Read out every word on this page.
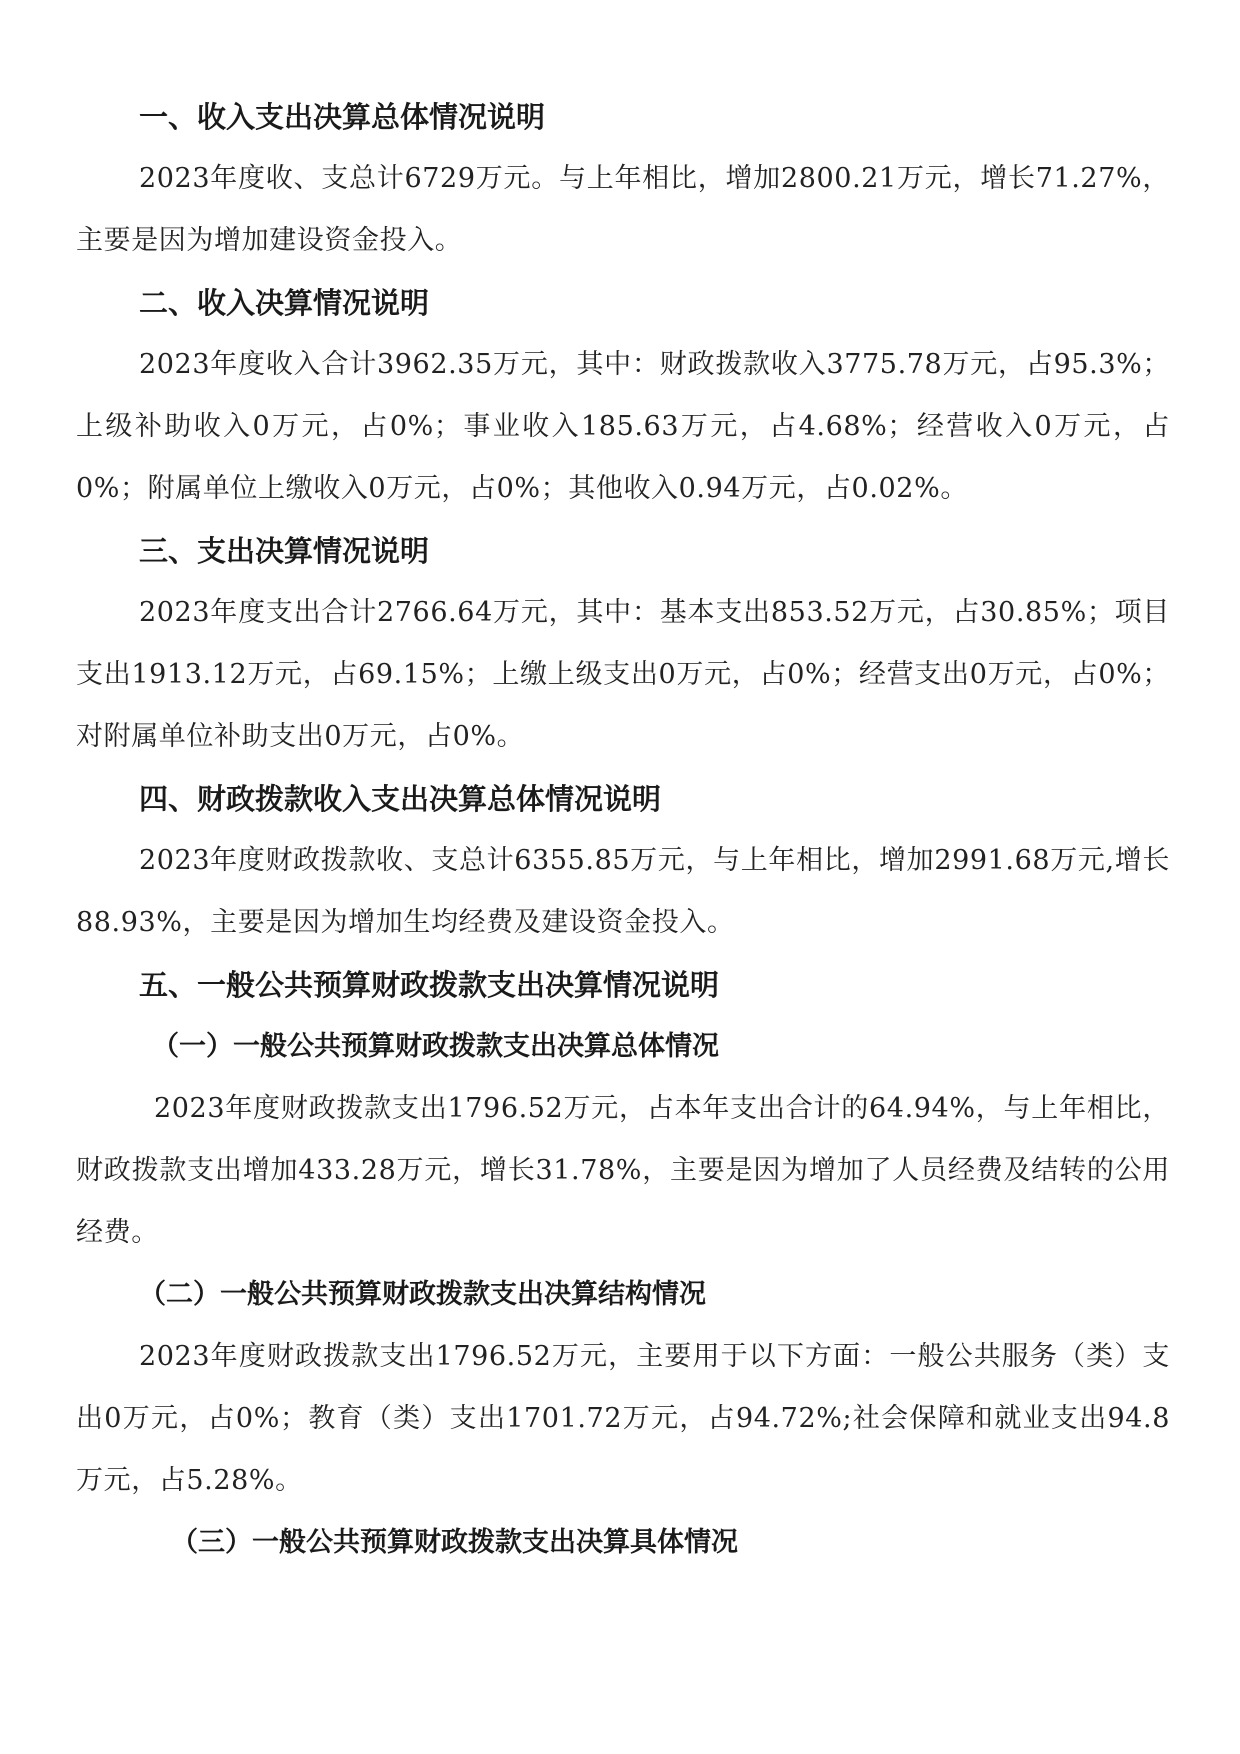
一、收入支出决算总体情况说明

2023年度收、支总计6729万元。与上年相比，增加2800.21万元，增长71.27%，主要是因为增加建设资金投入。

二、收入决算情况说明

2023年度收入合计3962.35万元，其中：财政拨款收入3775.78万元，占95.3%；上级补助收入0万元，占0%；事业收入185.63万元，占4.68%；经营收入0万元，占0%；附属单位上缴收入0万元，占0%；其他收入0.94万元，占0.02%。

三、支出决算情况说明

2023年度支出合计2766.64万元，其中：基本支出853.52万元，占30.85%；项目支出1913.12万元，占69.15%；上缴上级支出0万元，占0%；经营支出0万元，占0%；对附属单位补助支出0万元，占0%。

四、财政拨款收入支出决算总体情况说明

2023年度财政拨款收、支总计6355.85万元，与上年相比，增加2991.68万元,增长88.93%，主要是因为增加生均经费及建设资金投入。

五、一般公共预算财政拨款支出决算情况说明
（一）一般公共预算财政拨款支出决算总体情况

2023年度财政拨款支出1796.52万元，占本年支出合计的64.94%，与上年相比，财政拨款支出增加433.28万元，增长31.78%，主要是因为增加了人员经费及结转的公用经费。

（二）一般公共预算财政拨款支出决算结构情况

2023年度财政拨款支出1796.52万元，主要用于以下方面：一般公共服务（类）支出0万元，占0%；教育（类）支出1701.72万元，占94.72%;社会保障和就业支出94.8万元，占5.28%。

（三）一般公共预算财政拨款支出决算具体情况
